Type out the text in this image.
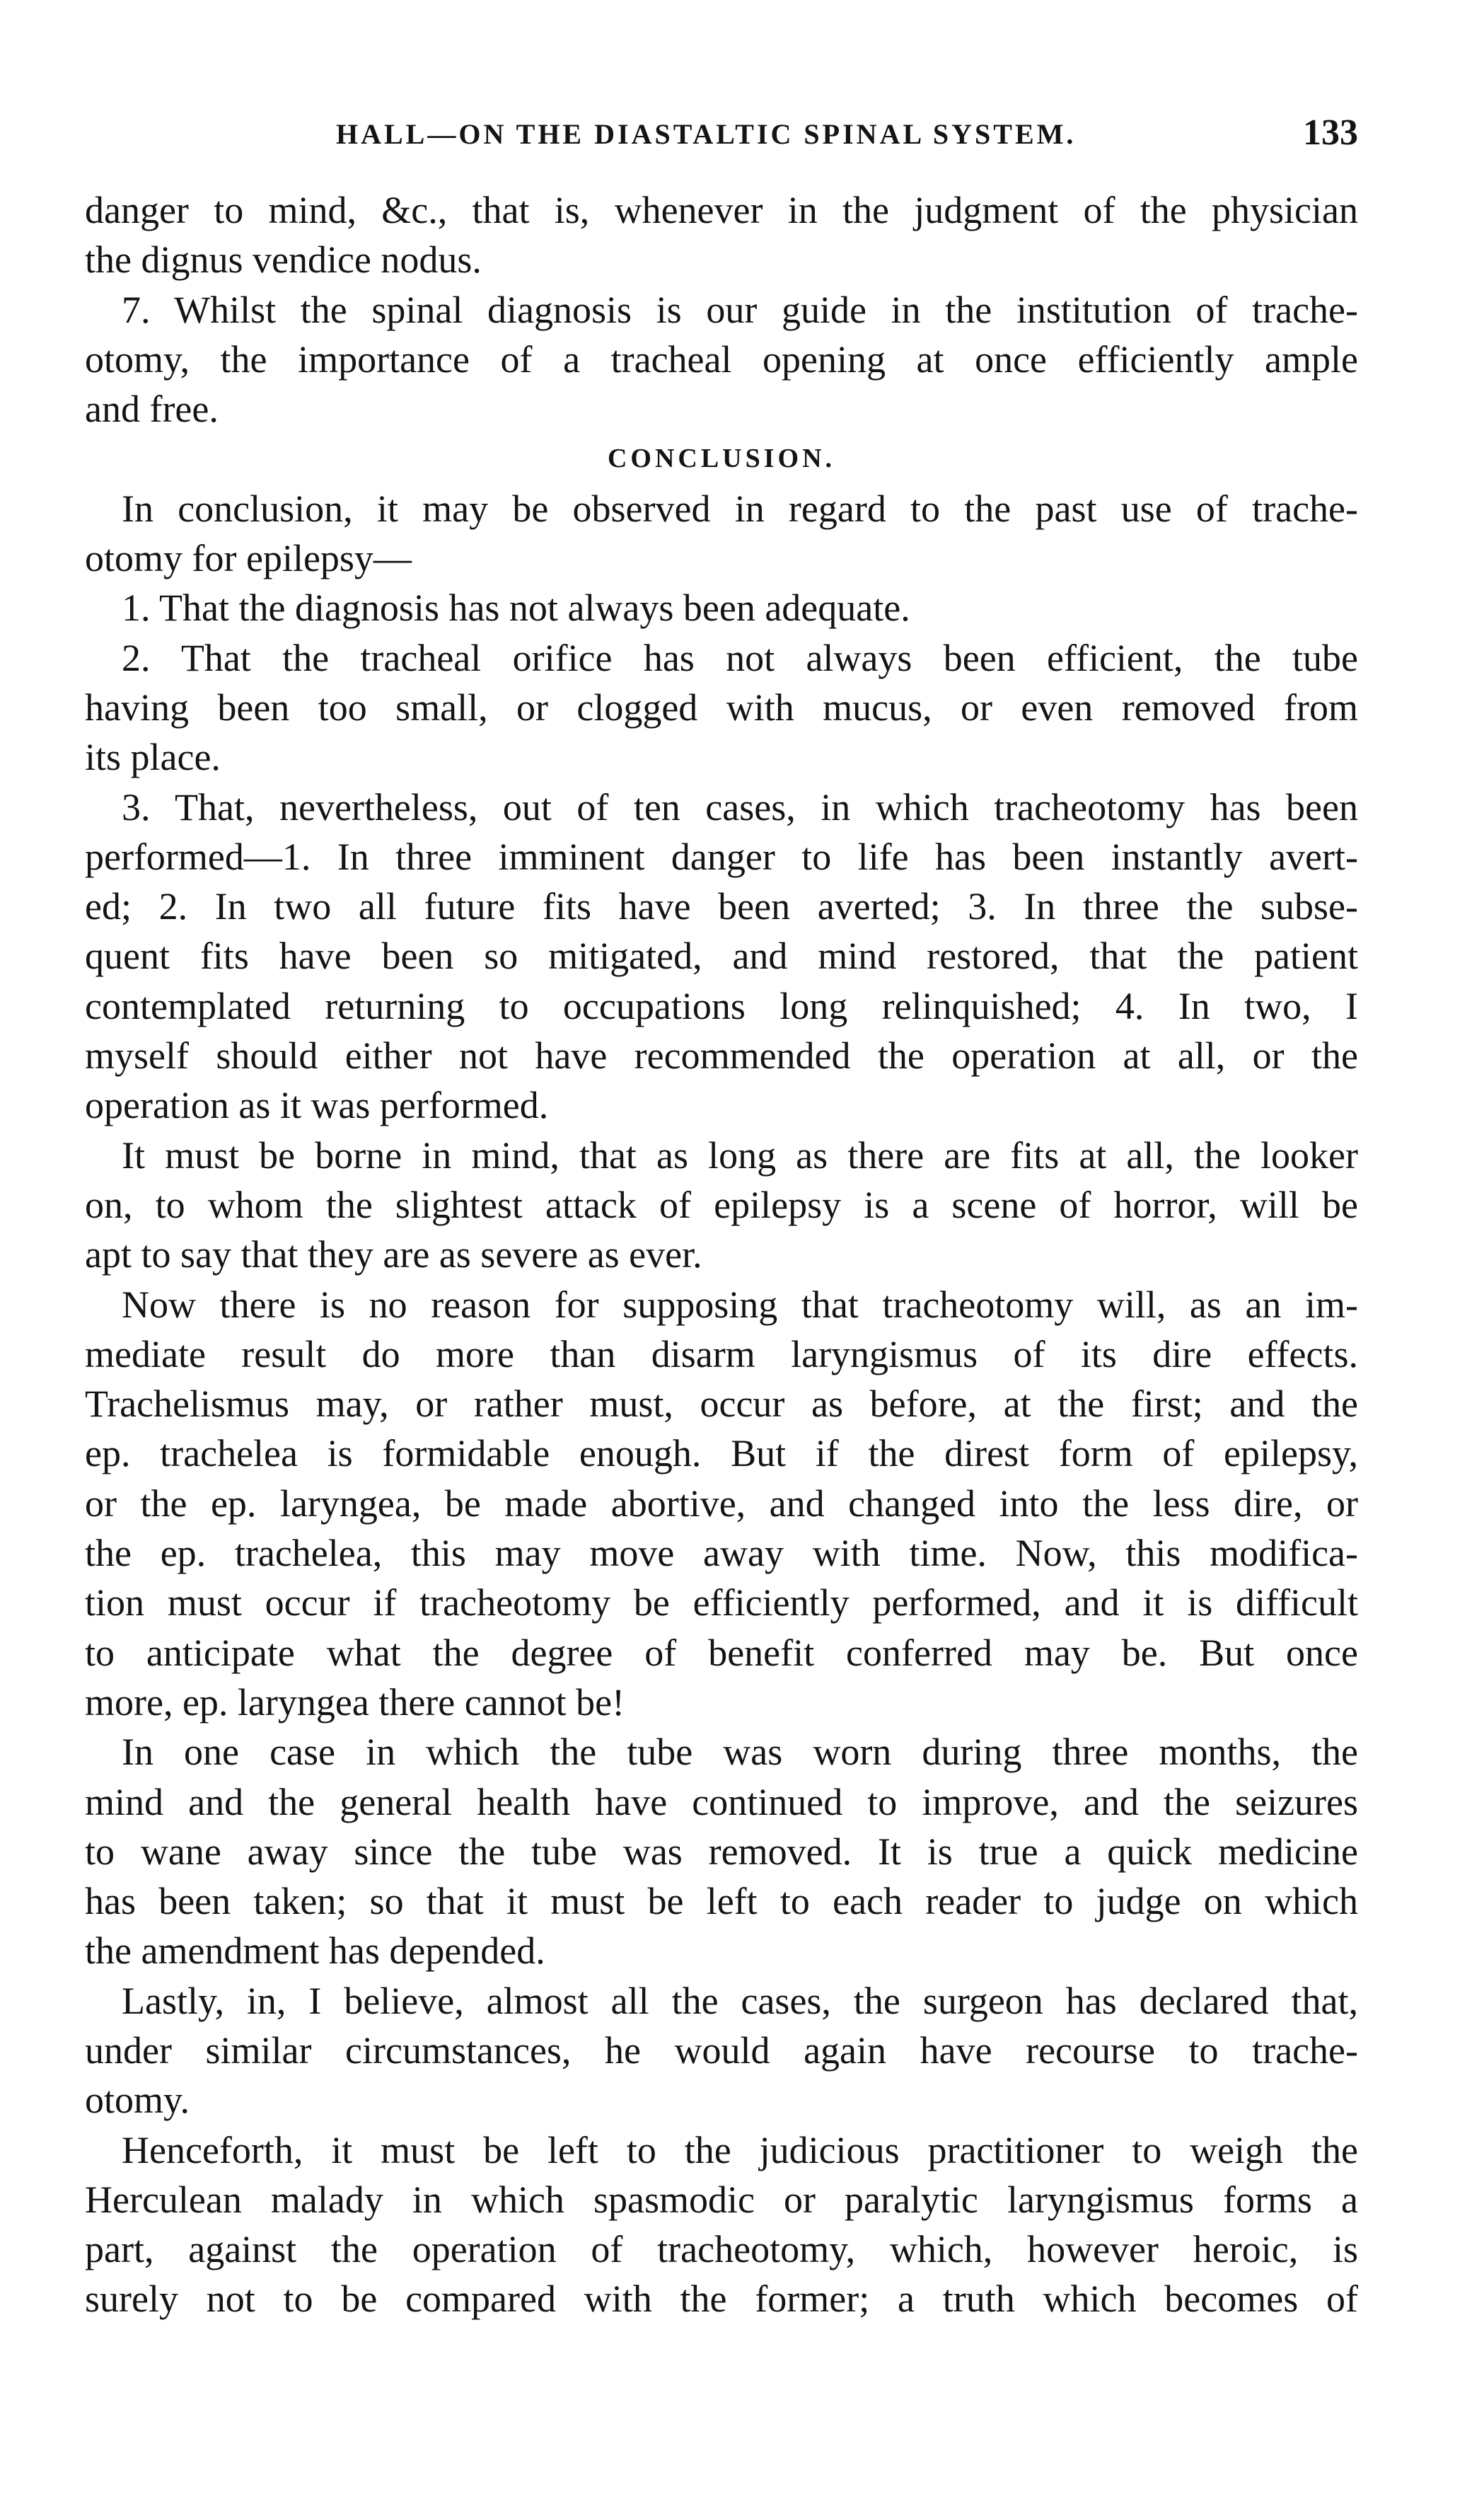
HALL—ON THE DIASTALTIC SPINAL SYSTEM.	133
danger to mind, &c., that is, whenever in the judgment of the physician
the dignus vendice nodus.
7. Whilst the spinal diagnosis is our guide in the institution of trache-
otomy, the importance of a tracheal opening at once efficiently ample
and free.
CONCLUSION.
In conclusion, it may be observed in regard to the past use of trache-
otomy for epilepsy—
1. That the diagnosis has not always been adequate.
2. That the tracheal orifice has not always been efficient, the tube
having been too small, or clogged with mucus, or even removed from
its place.
3. That, nevertheless, out of ten cases, in which tracheotomy has been
performed—1. In three imminent danger to life has been instantly avert-
ed; 2. In two all future fits have been averted; 3. In three the subse-
quent fits have been so mitigated, and mind restored, that the patient
contemplated returning to occupations long relinquished; 4. In two, I
myself should either not have recommended the operation at all, or the
operation as it was performed.
It must be borne in mind, that as long as there are fits at all, the looker
on, to whom the slightest attack of epilepsy is a scene of horror, will be
apt to say that they are as severe as ever.
Now there is no reason for supposing that tracheotomy will, as an im-
mediate result do more than disarm laryngismus of its dire effects.
Trachelismus may, or rather must, occur as before, at the first; and the
ep. trachelea is formidable enough. But if the direst form of epilepsy,
or the ep. laryngea, be made abortive, and changed into the less dire, or
the ep. trachelea, this may move away with time. Now, this modifica-
tion must occur if tracheotomy be efficiently performed, and it is difficult
to anticipate what the degree of benefit conferred may be. But once
more, ep. laryngea there cannot be!
In one case in which the tube was worn during three months, the
mind and the general health have continued to improve, and the seizures
to wane away since the tube was removed. It is true a quick medicine
has been taken; so that it must be left to each reader to judge on which
the amendment has depended.
Lastly, in, I believe, almost all the cases, the surgeon has declared that,
under similar circumstances, he would again have recourse to trache-
otomy.
Henceforth, it must be left to the judicious practitioner to weigh the
Herculean malady in which spasmodic or paralytic laryngismus forms a
part, against the operation of tracheotomy, which, however heroic, is
surely not to be compared with the former; a truth which becomes of
